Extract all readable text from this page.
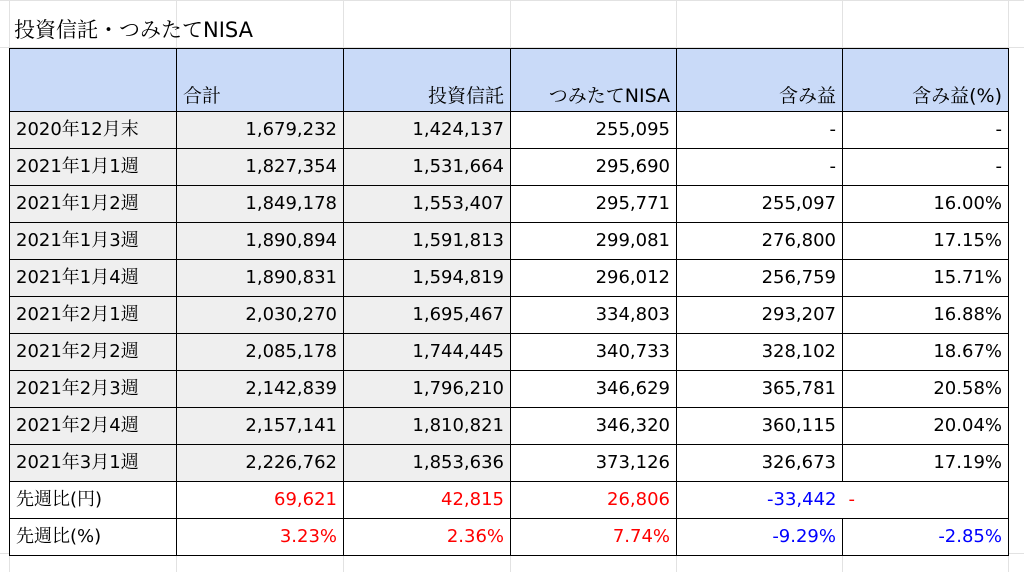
投資信託・つみたてNISA
	合計	投資信託	つみたてNISA	含み益	含み益(%)
2020年12月末	1,679,232	1,424,137	255,095	-	-
2021年1月1週	1,827,354	1,531,664	295,690	-	-
2021年1月2週	1,849,178	1,553,407	295,771	255,097	16.00%
2021年1月3週	1,890,894	1,591,813	299,081	276,800	17.15%
2021年1月4週	1,890,831	1,594,819	296,012	256,759	15.71%
2021年2月1週	2,030,270	1,695,467	334,803	293,207	16.88%
2021年2月2週	2,085,178	1,744,445	340,733	328,102	18.67%
2021年2月3週	2,142,839	1,796,210	346,629	365,781	20.58%
2021年2月4週	2,157,141	1,810,821	346,320	360,115	20.04%
2021年3月1週	2,226,762	1,853,636	373,126	326,673	17.19%
先週比(円)	69,621	42,815	26,806	-33,442	-
先週比(%)	3.23%	2.36%	7.74%	-9.29%	-2.85%
